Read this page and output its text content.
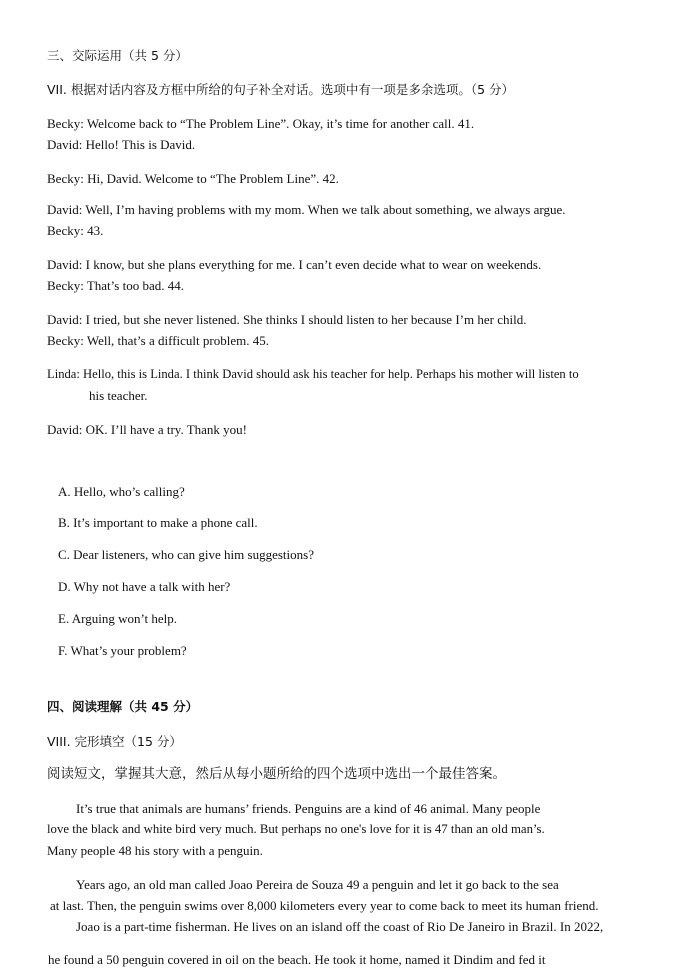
三、交际运用（共 5 分）
VII. 根据对话内容及方框中所给的句子补全对话。选项中有一项是多余选项。（5 分）
Becky: Welcome back to “The Problem Line”. Okay, it’s time for another call. 41.
David: Hello! This is David.
Becky: Hi, David. Welcome to “The Problem Line”. 42.
David: Well, I’m having problems with my mom. When we talk about something, we always argue.
Becky: 43.
David: I know, but she plans everything for me. I can’t even decide what to wear on weekends.
Becky: That’s too bad. 44.
David: I tried, but she never listened. She thinks I should listen to her because I’m her child.
Becky: Well, that’s a difficult problem. 45.
Linda: Hello, this is Linda. I think David should ask his teacher for help. Perhaps his mother will listen to
his teacher.
David: OK. I’ll have a try. Thank you!
A. Hello, who’s calling?
B. It’s important to make a phone call.
C. Dear listeners, who can give him suggestions?
D. Why not have a talk with her?
E. Arguing won’t help.
F. What’s your problem?
四、阅读理解（共 45 分）
VIII. 完形填空（15 分）
阅读短文，掌握其大意，然后从每小题所给的四个选项中选出一个最佳答案。
It’s true that animals are humans’ friends. Penguins are a kind of 46 animal. Many people
love the black and white bird very much. But perhaps no one's love for it is 47 than an old man’s.
Many people 48 his story with a penguin.
Years ago, an old man called Joao Pereira de Souza 49 a penguin and let it go back to the sea
at last. Then, the penguin swims over 8,000 kilometers every year to come back to meet its human friend.
Joao is a part-time fisherman. He lives on an island off the coast of Rio De Janeiro in Brazil. In 2022,
he found a 50 penguin covered in oil on the beach. He took it home, named it Dindim and fed it
